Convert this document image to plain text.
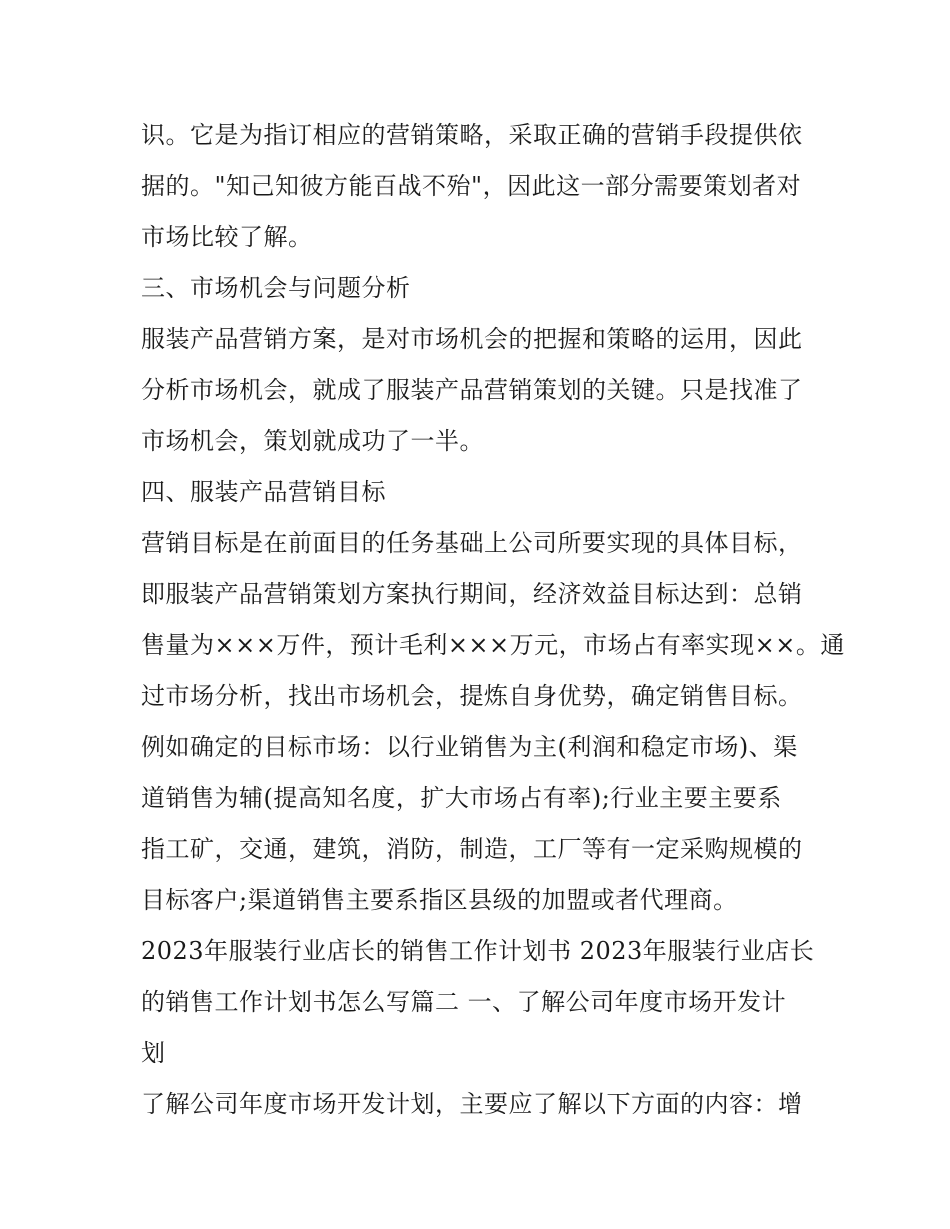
识。它是为指订相应的营销策略，采取正确的营销手段提供依
据的。"知己知彼方能百战不殆"，因此这一部分需要策划者对
市场比较了解。
三、市场机会与问题分析
服装产品营销方案，是对市场机会的把握和策略的运用，因此
分析市场机会，就成了服装产品营销策划的关键。只是找准了
市场机会，策划就成功了一半。
四、服装产品营销目标
营销目标是在前面目的任务基础上公司所要实现的具体目标，
即服装产品营销策划方案执行期间，经济效益目标达到：总销
售量为×××万件，预计毛利×××万元，市场占有率实现××。通
过市场分析，找出市场机会，提炼自身优势，确定销售目标。
例如确定的目标市场：以行业销售为主(利润和稳定市场)、渠
道销售为辅(提高知名度，扩大市场占有率);行业主要主要系
指工矿，交通，建筑，消防，制造，工厂等有一定采购规模的
目标客户;渠道销售主要系指区县级的加盟或者代理商。
2023年服装行业店长的销售工作计划书 2023年服装行业店长
的销售工作计划书怎么写篇二 一、了解公司年度市场开发计
划
了解公司年度市场开发计划，主要应了解以下方面的内容：增
